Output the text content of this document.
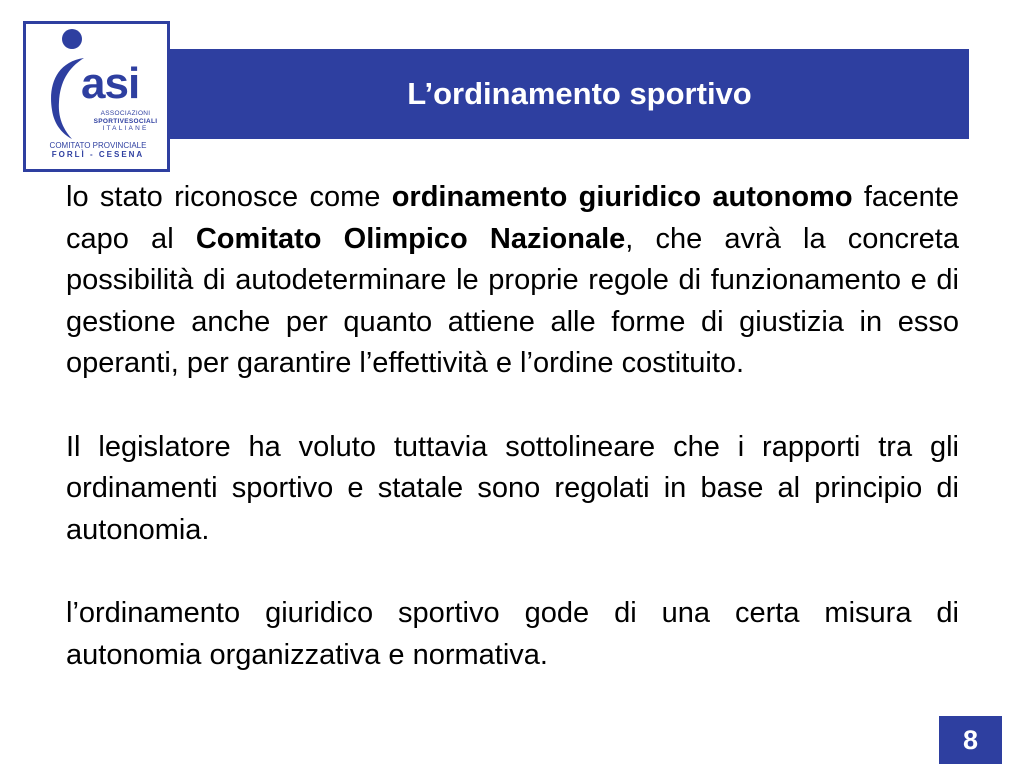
L’ordinamento sportivo
asi
ASSOCIAZIONI
SPORTIVESOCIALI
ITALIANE
COMITATO PROVINCIALE
FORLÌ - CESENA

lo stato riconosce come ordinamento giuridico autonomo facente capo al Comitato Olimpico Nazionale, che avrà la concreta possibilità di autodeterminare le proprie regole di funzionamento e di gestione anche per quanto attiene alle forme di giustizia in esso operanti, per garantire l’effettività e l’ordine costituito.

Il legislatore ha voluto tuttavia sottolineare che i rapporti tra gli ordinamenti sportivo e statale sono regolati in base al principio di autonomia.

l’ordinamento giuridico sportivo gode di una certa misura di autonomia organizzativa e normativa.

8
